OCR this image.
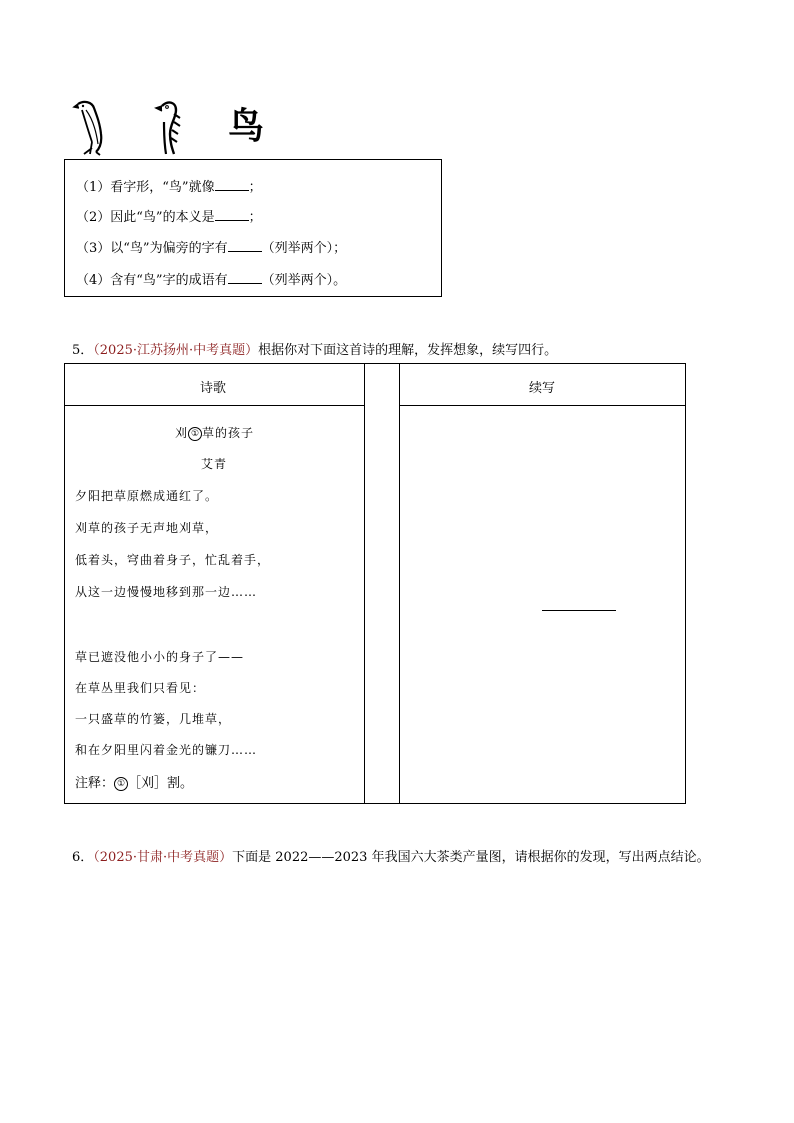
鸟
（1）看字形，“鸟”就像	；
（2）因此“鸟”的本义是	；
（3）以“鸟”为偏旁的字有	（列举两个）；
（4）含有“鸟”字的成语有	（列举两个）。
5．（2025·江苏扬州·中考真题）根据你对下面这首诗的理解，发挥想象，续写四行。
诗歌	续写
刈 ① 草的孩子
艾青
夕阳把草原燃成通红了。
刈草的孩子无声地刈草，
低着头，穹曲着身子，忙乱着手，
从这一边慢慢地移到那一边……
草已遮没他小小的身子了——
在草丛里我们只看见：
一只盛草的竹篓，几堆草，
和在夕阳里闪着金光的镰刀……
注释： ① ［刈］割。
6．（2025·甘肃·中考真题）下面是 2022——2023 年我国六大茶类产量图，请根据你的发现，写出两点结论。
